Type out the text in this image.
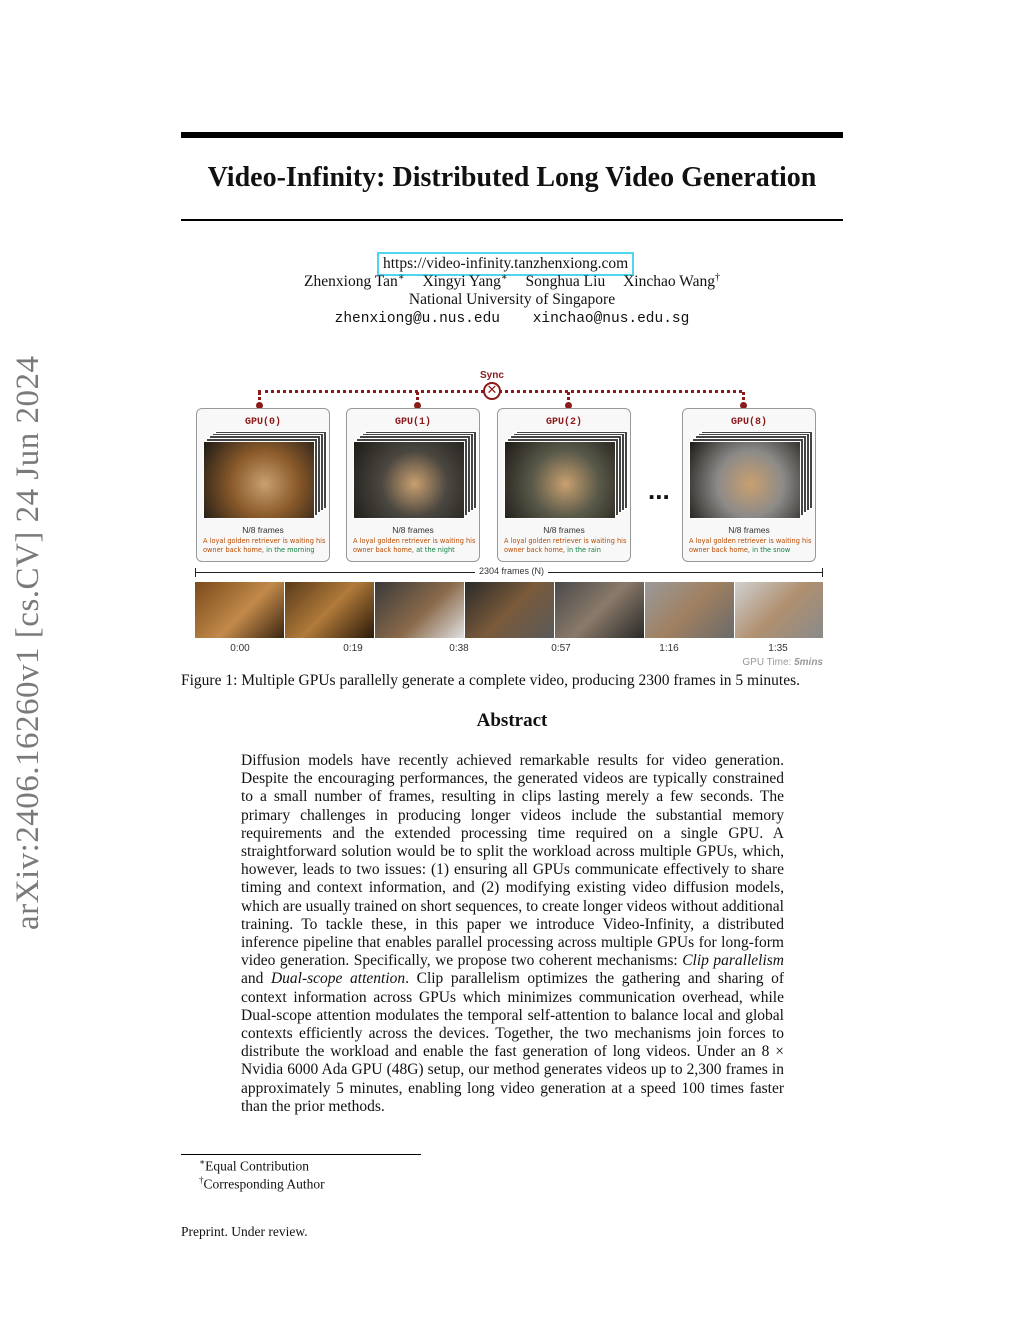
arXiv:2406.16260v1 [cs.CV] 24 Jun 2024
Video-Infinity: Distributed Long Video Generation
https://video-infinity.tanzhenxiong.com
Zhenxiong Tan∗ Xingyi Yang∗ Songhua Liu Xinchao Wang†
National University of Singapore
zhenxiong@u.nus.edu xinchao@nus.edu.sg
Sync
✕
GPU(0)
N/8 frames
A loyal golden retriever is waiting his owner back home, in the morning
GPU(1)
N/8 frames
A loyal golden retriever is waiting his owner back home, at the night
GPU(2)
N/8 frames
A loyal golden retriever is waiting his owner back home, in the rain
...
GPU(8)
N/8 frames
A loyal golden retriever is waiting his owner back home, in the snow
2304 frames (N)
0:00	0:19	0:38	0:57	1:16	1:35
GPU Time: 5mins
Figure 1: Multiple GPUs parallelly generate a complete video, producing 2300 frames in 5 minutes.
Abstract
Diffusion models have recently achieved remarkable results for video generation. Despite the encouraging performances, the generated videos are typically constrained to a small number of frames, resulting in clips lasting merely a few seconds. The primary challenges in producing longer videos include the substantial memory requirements and the extended processing time required on a single GPU. A straightforward solution would be to split the workload across multiple GPUs, which, however, leads to two issues: (1) ensuring all GPUs communicate effectively to share timing and context information, and (2) modifying existing video diffusion models, which are usually trained on short sequences, to create longer videos without additional training. To tackle these, in this paper we introduce Video-Infinity, a distributed inference pipeline that enables parallel processing across multiple GPUs for long-form video generation. Specifically, we propose two coherent mechanisms: Clip parallelism and Dual-scope attention. Clip parallelism optimizes the gathering and sharing of context information across GPUs which minimizes communication overhead, while Dual-scope attention modulates the temporal self-attention to balance local and global contexts efficiently across the devices. Together, the two mechanisms join forces to distribute the workload and enable the fast generation of long videos. Under an 8 × Nvidia 6000 Ada GPU (48G) setup, our method generates videos up to 2,300 frames in approximately 5 minutes, enabling long video generation at a speed 100 times faster than the prior methods.
∗Equal Contribution
†Corresponding Author
Preprint. Under review.
